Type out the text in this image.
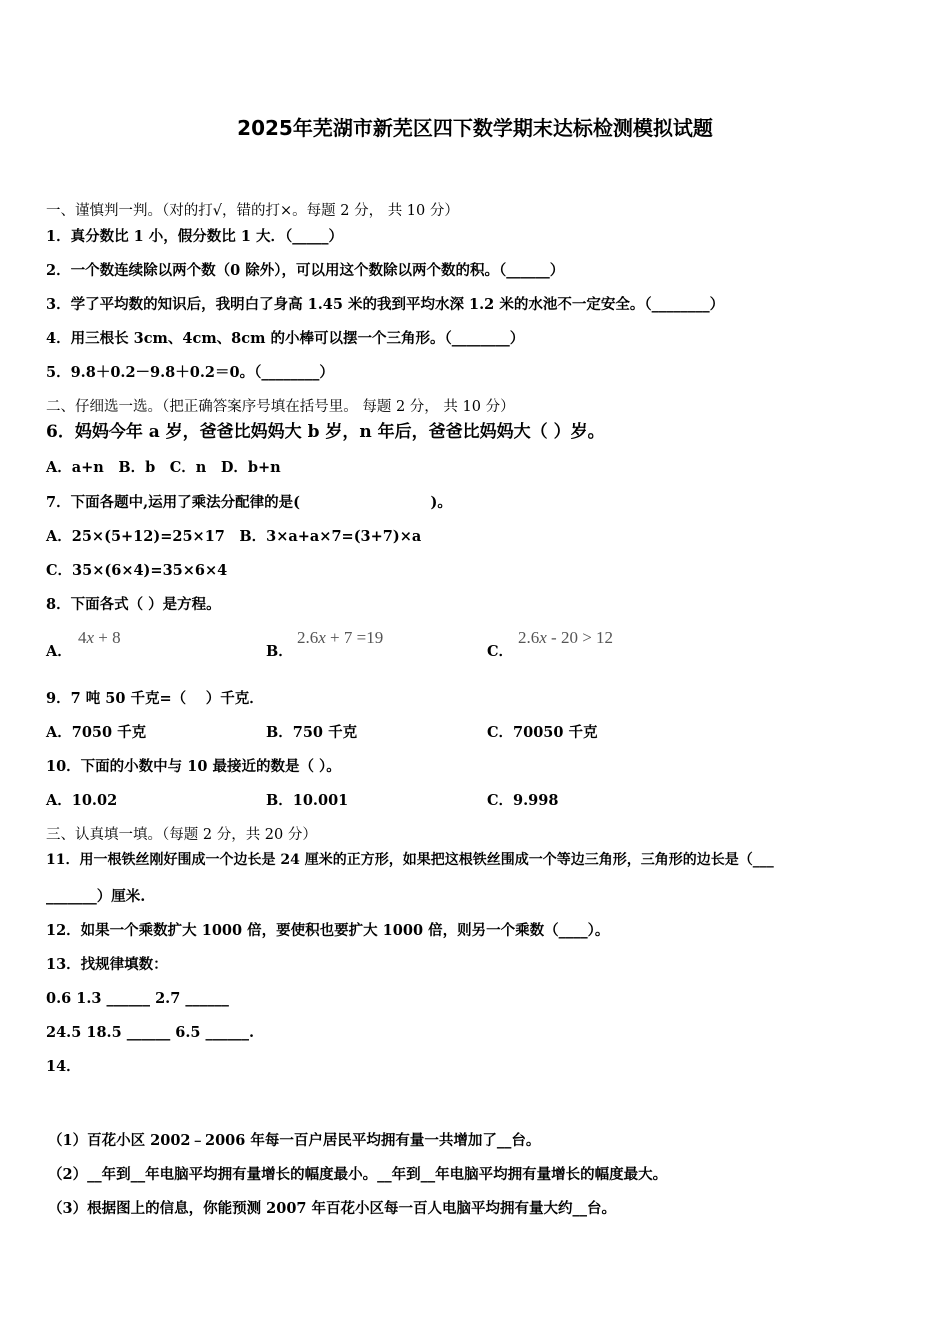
2025年芜湖市新芜区四下数学期末达标检测模拟试题
一、谨慎判一判。（对的打√，错的打×。每题 2 分， 共 10 分）
1．真分数比 1 小，假分数比 1 大．（_____）
2．一个数连续除以两个数（0 除外），可以用这个数除以两个数的积。（______）
3．学了平均数的知识后，我明白了身高 1.45 米的我到平均水深 1.2 米的水池不一定安全。（________）
4．用三根长 3cm、4cm、8cm 的小棒可以摆一个三角形。（________）
5．9.8＋0.2－9.8＋0.2＝0。（________）
二、仔细选一选。（把正确答案序号填在括号里。 每题 2 分， 共 10 分）
6．妈妈今年 a 岁，爸爸比妈妈大 b 岁，n 年后，爸爸比妈妈大（ ）岁。
A．a+n　B．b　C．n　D．b+n
7．下面各题中,运用了乘法分配律的是(　　　　　　　　　)。
A．25×(5+12)=25×17　B．3×a+a×7=(3+7)×a
C．35×(6×4)=35×6×4
8．下面各式（ ）是方程。
A．
4x + 8
B．
2.6x + 7 =19
C．
2.6x - 20 > 12
9．7 吨 50 千克=（　 ）千克．
A．7050 千克	B．750 千克	C．70050 千克
10．下面的小数中与 10 最接近的数是（ ）。
A．10.02	B．10.001	C．9.998
三、认真填一填。（每题 2 分，共 20 分）
11．用一根铁丝刚好围成一个边长是 24 厘米的正方形，如果把这根铁丝围成一个等边三角形，三角形的边长是（___
_______）厘米.
12．如果一个乘数扩大 1000 倍，要使积也要扩大 1000 倍，则另一个乘数（____）。
13．找规律填数：
0.6 1.3 ______ 2.7 ______
24.5 18.5 ______ 6.5 ______.
14．
（1）百花小区 2002﹣2006 年每一百户居民平均拥有量一共增加了__台。
（2）__年到__年电脑平均拥有量增长的幅度最小。__年到__年电脑平均拥有量增长的幅度最大。
（3）根据图上的信息，你能预测 2007 年百花小区每一百人电脑平均拥有量大约__台。
